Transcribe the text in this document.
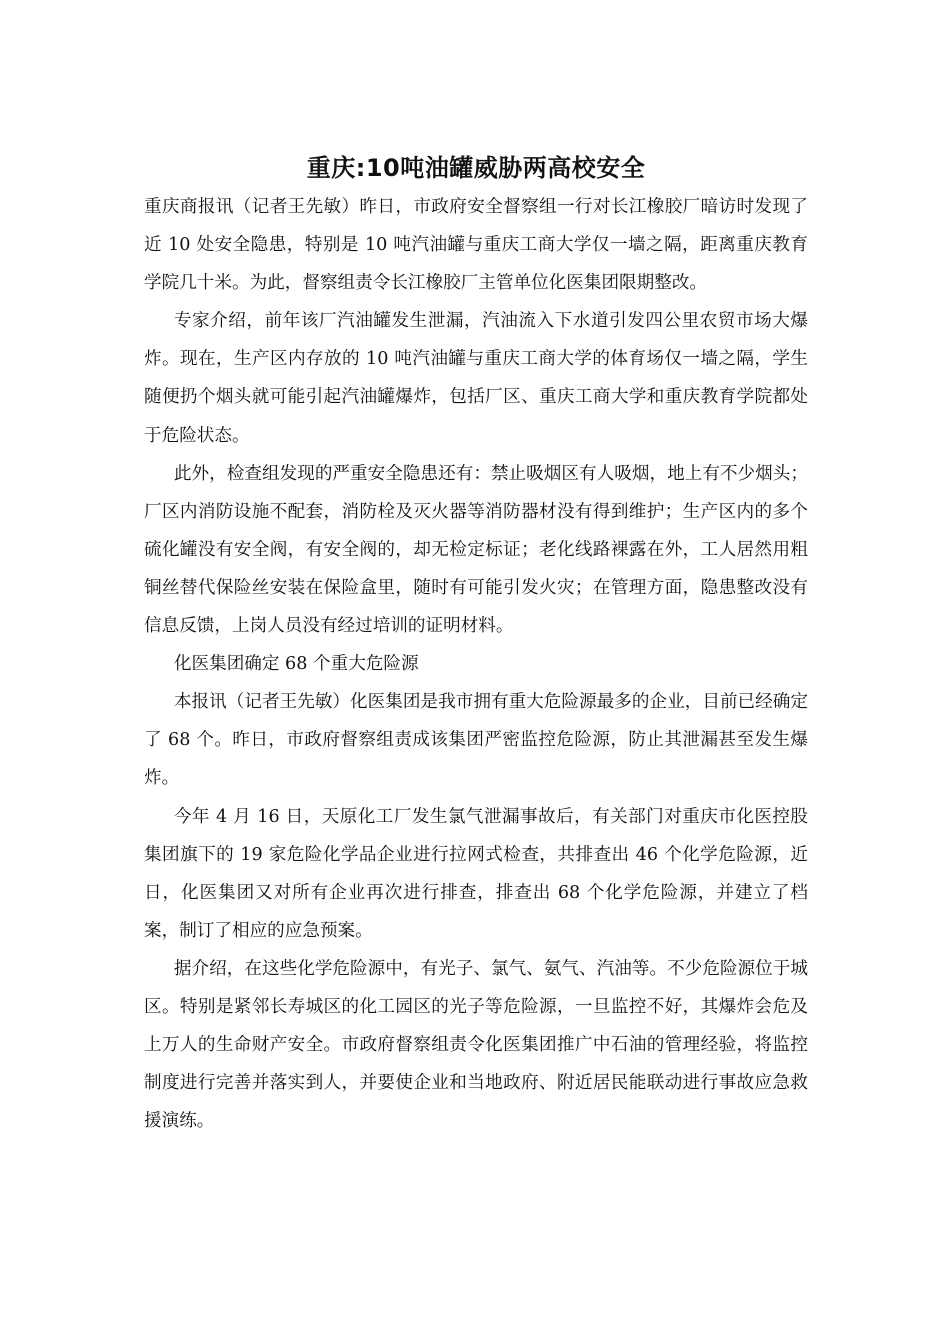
重庆:10吨油罐威胁两高校安全

重庆商报讯（记者王先敏）昨日，市政府安全督察组一行对长江橡胶厂暗访时发现了近 10 处安全隐患，特别是 10 吨汽油罐与重庆工商大学仅一墙之隔，距离重庆教育学院几十米。为此，督察组责令长江橡胶厂主管单位化医集团限期整改。

专家介绍，前年该厂汽油罐发生泄漏，汽油流入下水道引发四公里农贸市场大爆炸。现在，生产区内存放的 10 吨汽油罐与重庆工商大学的体育场仅一墙之隔，学生随便扔个烟头就可能引起汽油罐爆炸，包括厂区、重庆工商大学和重庆教育学院都处于危险状态。

此外，检查组发现的严重安全隐患还有：禁止吸烟区有人吸烟，地上有不少烟头；厂区内消防设施不配套，消防栓及灭火器等消防器材没有得到维护；生产区内的多个硫化罐没有安全阀，有安全阀的，却无检定标证；老化线路裸露在外，工人居然用粗铜丝替代保险丝安装在保险盒里，随时有可能引发火灾；在管理方面，隐患整改没有信息反馈，上岗人员没有经过培训的证明材料。

化医集团确定 68 个重大危险源

本报讯（记者王先敏）化医集团是我市拥有重大危险源最多的企业，目前已经确定了 68 个。昨日，市政府督察组责成该集团严密监控危险源，防止其泄漏甚至发生爆炸。

今年 4 月 16 日，天原化工厂发生氯气泄漏事故后，有关部门对重庆市化医控股集团旗下的 19 家危险化学品企业进行拉网式检查，共排查出 46 个化学危险源，近日，化医集团又对所有企业再次进行排查，排查出 68 个化学危险源，并建立了档案，制订了相应的应急预案。

据介绍，在这些化学危险源中，有光子、氯气、氨气、汽油等。不少危险源位于城区。特别是紧邻长寿城区的化工园区的光子等危险源，一旦监控不好，其爆炸会危及上万人的生命财产安全。市政府督察组责令化医集团推广中石油的管理经验，将监控制度进行完善并落实到人，并要使企业和当地政府、附近居民能联动进行事故应急救援演练。
